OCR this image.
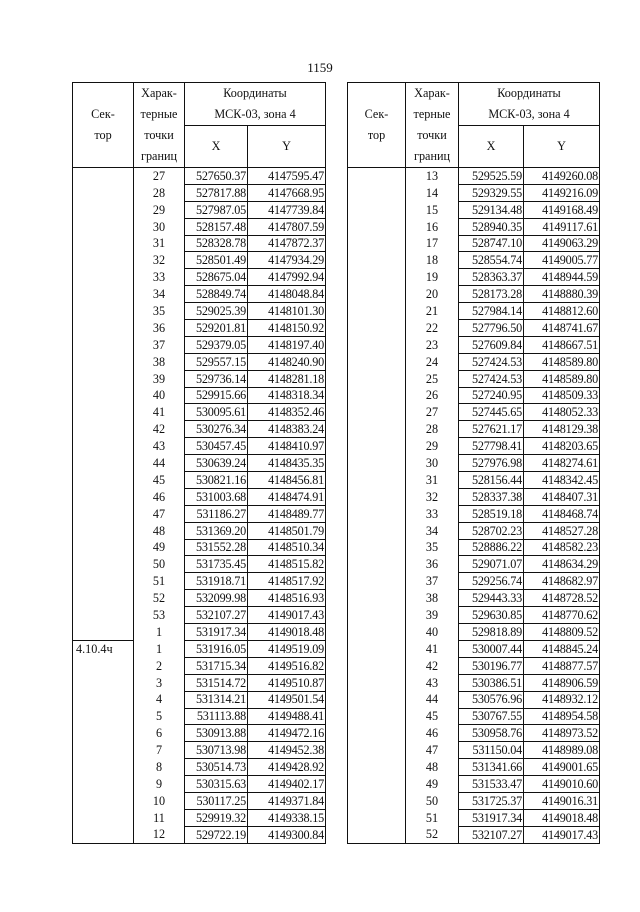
1159
Сек-
тор	Харак-
терные
точки
границ	Координаты
МСК-03, зона 4	
		X	Y
	27	527650.37	4147595.47
	28	527817.88	4147668.95
	29	527987.05	4147739.84
	30	528157.48	4147807.59
	31	528328.78	4147872.37
	32	528501.49	4147934.29
	33	528675.04	4147992.94
	34	528849.74	4148048.84
	35	529025.39	4148101.30
	36	529201.81	4148150.92
	37	529379.05	4148197.40
	38	529557.15	4148240.90
	39	529736.14	4148281.18
	40	529915.66	4148318.34
	41	530095.61	4148352.46
	42	530276.34	4148383.24
	43	530457.45	4148410.97
	44	530639.24	4148435.35
	45	530821.16	4148456.81
	46	531003.68	4148474.91
	47	531186.27	4148489.77
	48	531369.20	4148501.79
	49	531552.28	4148510.34
	50	531735.45	4148515.82
	51	531918.71	4148517.92
	52	532099.98	4148516.93
	53	532107.27	4149017.43
	1	531917.34	4149018.48
4.10.4ч	1	531916.05	4149519.09
	2	531715.34	4149516.82
	3	531514.72	4149510.87
	4	531314.21	4149501.54
	5	531113.88	4149488.41
	6	530913.88	4149472.16
	7	530713.98	4149452.38
	8	530514.73	4149428.92
	9	530315.63	4149402.17
	10	530117.25	4149371.84
	11	529919.32	4149338.15
	12	529722.19	4149300.84
Сек-
тор	Харак-
терные
точки
границ	Координаты
МСК-03, зона 4	
		X	Y
	13	529525.59	4149260.08
	14	529329.55	4149216.09
	15	529134.48	4149168.49
	16	528940.35	4149117.61
	17	528747.10	4149063.29
	18	528554.74	4149005.77
	19	528363.37	4148944.59
	20	528173.28	4148880.39
	21	527984.14	4148812.60
	22	527796.50	4148741.67
	23	527609.84	4148667.51
	24	527424.53	4148589.80
	25	527424.53	4148589.80
	26	527240.95	4148509.33
	27	527445.65	4148052.33
	28	527621.17	4148129.38
	29	527798.41	4148203.65
	30	527976.98	4148274.61
	31	528156.44	4148342.45
	32	528337.38	4148407.31
	33	528519.18	4148468.74
	34	528702.23	4148527.28
	35	528886.22	4148582.23
	36	529071.07	4148634.29
	37	529256.74	4148682.97
	38	529443.33	4148728.52
	39	529630.85	4148770.62
	40	529818.89	4148809.52
	41	530007.44	4148845.24
	42	530196.77	4148877.57
	43	530386.51	4148906.59
	44	530576.96	4148932.12
	45	530767.55	4148954.58
	46	530958.76	4148973.52
	47	531150.04	4148989.08
	48	531341.66	4149001.65
	49	531533.47	4149010.60
	50	531725.37	4149016.31
	51	531917.34	4149018.48
	52	532107.27	4149017.43
